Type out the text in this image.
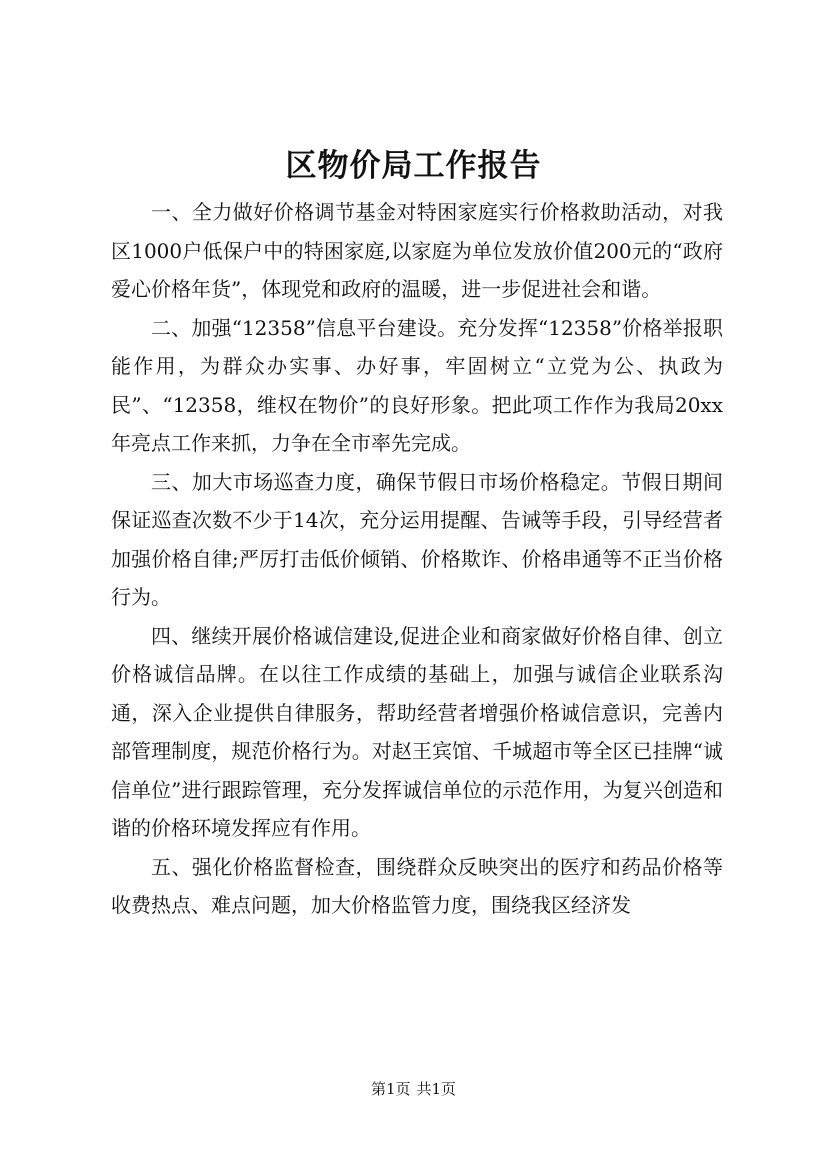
区物价局工作报告

一、全力做好价格调节基金对特困家庭实行价格救助活动，对我区1000户低保户中的特困家庭,以家庭为单位发放价值200元的“政府爱心价格年货”，体现党和政府的温暖，进一步促进社会和谐。

二、加强“12358”信息平台建设。充分发挥“12358”价格举报职能作用，为群众办实事、办好事，牢固树立“立党为公、执政为民”、“12358，维权在物价”的良好形象。把此项工作作为我局20xx年亮点工作来抓，力争在全市率先完成。

三、加大市场巡查力度，确保节假日市场价格稳定。节假日期间保证巡查次数不少于14次，充分运用提醒、告诫等手段，引导经营者加强价格自律;严厉打击低价倾销、价格欺诈、价格串通等不正当价格行为。

四、继续开展价格诚信建设,促进企业和商家做好价格自律、创立价格诚信品牌。在以往工作成绩的基础上，加强与诚信企业联系沟通，深入企业提供自律服务，帮助经营者增强价格诚信意识，完善内部管理制度，规范价格行为。对赵王宾馆、千城超市等全区已挂牌“诚信单位”进行跟踪管理，充分发挥诚信单位的示范作用，为复兴创造和谐的价格环境发挥应有作用。

五、强化价格监督检查，围绕群众反映突出的医疗和药品价格等收费热点、难点问题，加大价格监管力度，围绕我区经济发

第1页 共1页
